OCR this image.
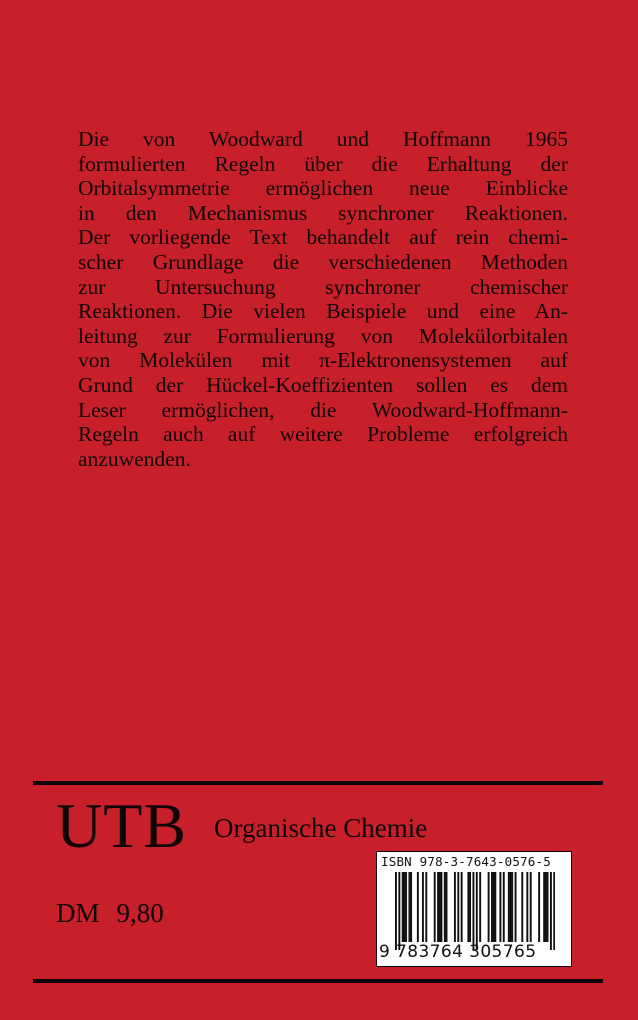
Die von Woodward und Hoffmann 1965
formulierten Regeln über die Erhaltung der
Orbitalsymmetrie ermöglichen neue Einblicke
in den Mechanismus synchroner Reaktionen.
Der vorliegende Text behandelt auf rein chemi-
scher Grundlage die verschiedenen Methoden
zur Untersuchung synchroner chemischer
Reaktionen. Die vielen Beispiele und eine An-
leitung zur Formulierung von Molekülorbitalen
von Molekülen mit π-Elektronensystemen auf
Grund der Hückel-Koeffizienten sollen es dem
Leser ermöglichen, die Woodward-Hoffmann-
Regeln auch auf weitere Probleme erfolgreich
anzuwenden.
UTB Organische Chemie
DM 9,80
ISBN 978-3-7643-0576-5
9 783764 305765
